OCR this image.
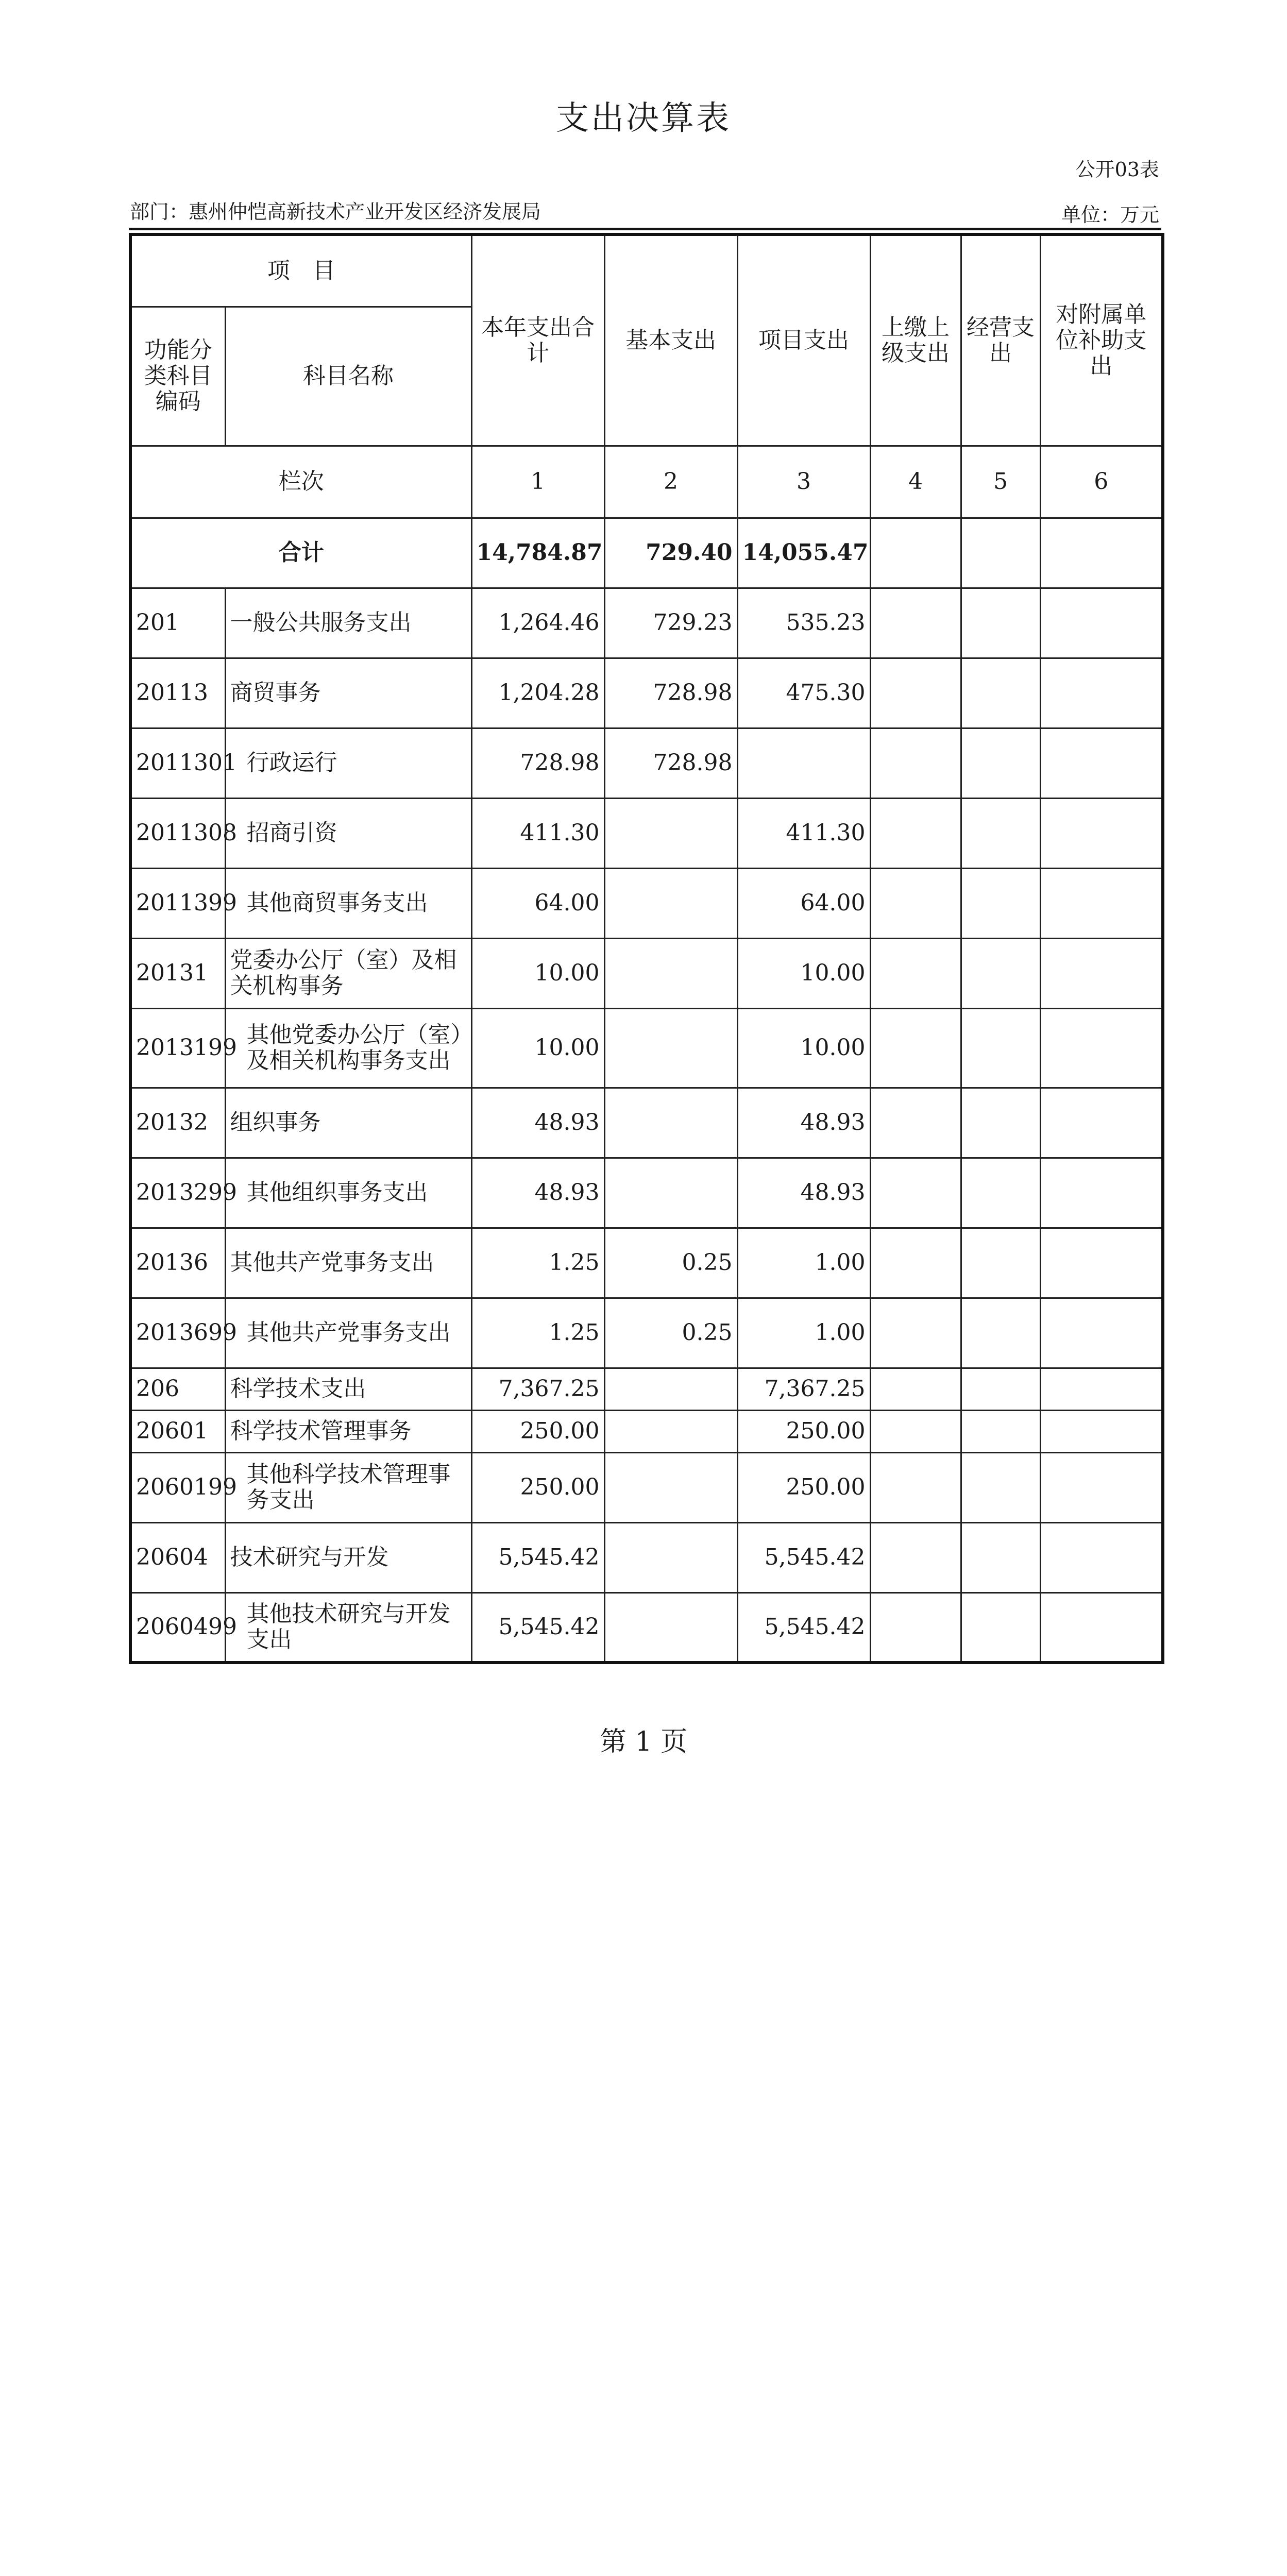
支出决算表
公开03表
部门：惠州仲恺高新技术产业开发区经济发展局	单位：万元
项　目		本年支出合计	基本支出	项目支出	上缴上级支出	经营支出	对附属单位补助支出
功能分类科目编码	科目名称						
栏次		1	2	3	4	5	6
合计		14,784.87	729.40	14,055.47			
201	一般公共服务支出	1,264.46	729.23	535.23			
20113	商贸事务	1,204.28	728.98	475.30			
2011301	行政运行	728.98	728.98				
2011308	招商引资	411.30		411.30			
2011399	其他商贸事务支出	64.00		64.00			
20131	党委办公厅（室）及相关机构事务	10.00		10.00			
2013199	其他党委办公厅（室）及相关机构事务支出	10.00		10.00			
20132	组织事务	48.93		48.93			
2013299	其他组织事务支出	48.93		48.93			
20136	其他共产党事务支出	1.25	0.25	1.00			
2013699	其他共产党事务支出	1.25	0.25	1.00			
206	科学技术支出	7,367.25		7,367.25			
20601	科学技术管理事务	250.00		250.00			
2060199	其他科学技术管理事务支出	250.00		250.00			
20604	技术研究与开发	5,545.42		5,545.42			
2060499	其他技术研究与开发支出	5,545.42		5,545.42			
第 1 页
